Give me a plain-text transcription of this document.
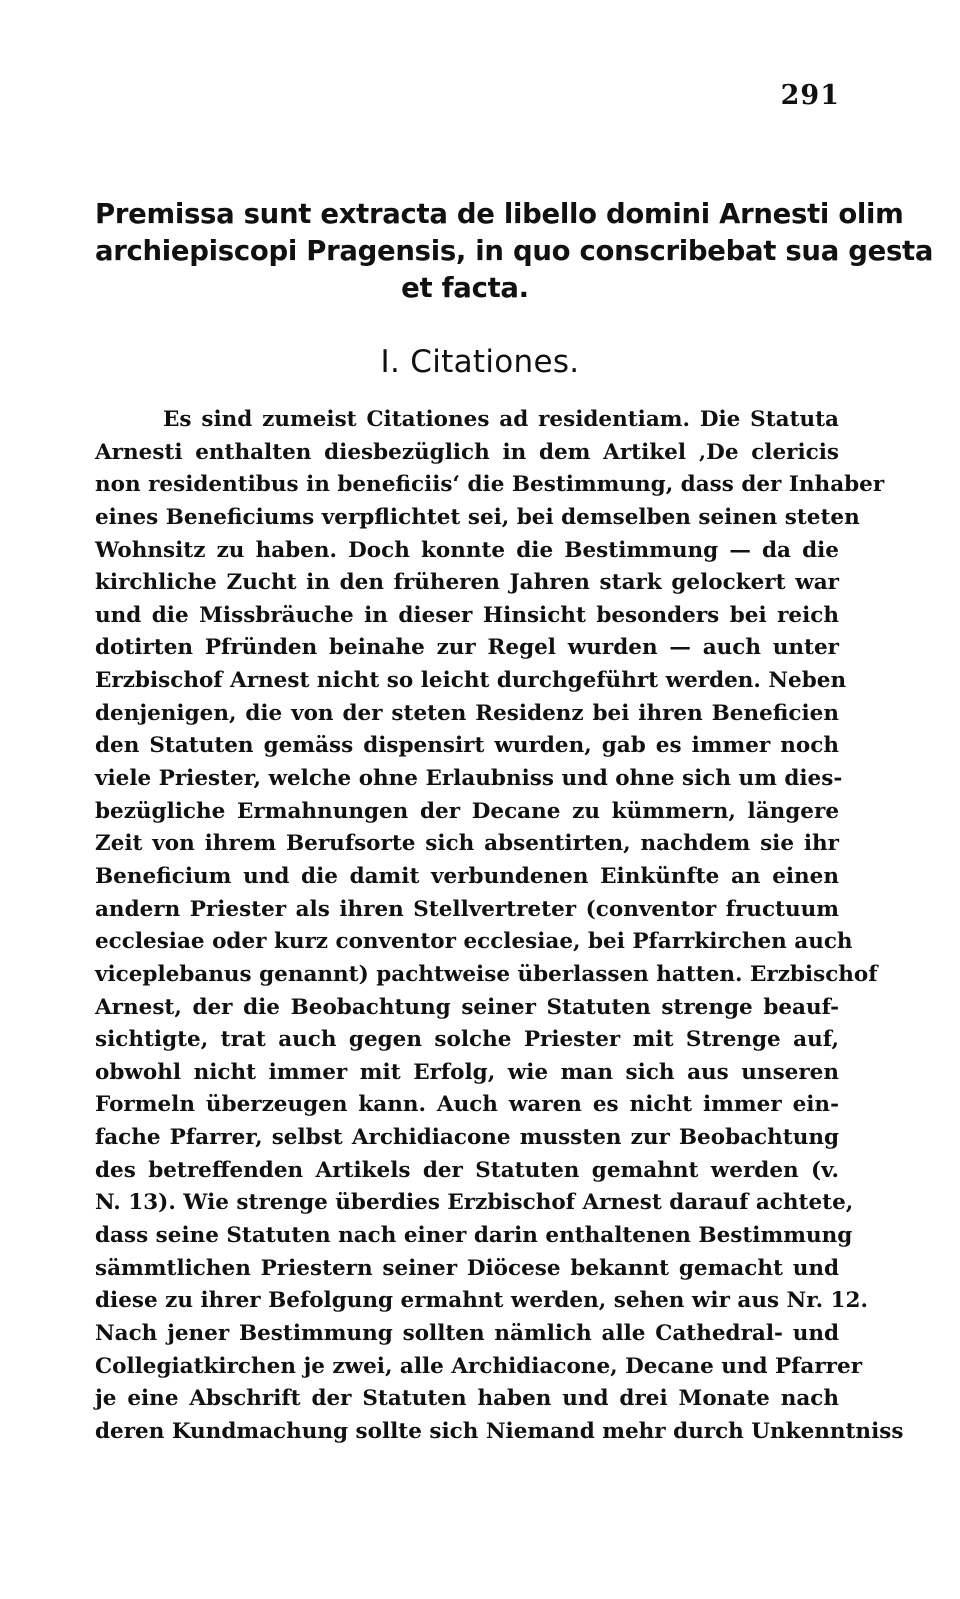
291
Premissa sunt extracta de libello domini Arnesti olim
archiepiscopi Pragensis, in quo conscribebat sua gesta
et facta.
I. Citationes.
Es sind zumeist Citationes ad residentiam. Die Statuta
Arnesti enthalten diesbezüglich in dem Artikel ‚De clericis
non residentibus in beneficiis‘ die Bestimmung, dass der Inhaber
eines Beneficiums verpflichtet sei, bei demselben seinen steten
Wohnsitz zu haben. Doch konnte die Bestimmung — da die
kirchliche Zucht in den früheren Jahren stark gelockert war
und die Missbräuche in dieser Hinsicht besonders bei reich
dotirten Pfründen beinahe zur Regel wurden — auch unter
Erzbischof Arnest nicht so leicht durchgeführt werden. Neben
denjenigen, die von der steten Residenz bei ihren Beneficien
den Statuten gemäss dispensirt wurden, gab es immer noch
viele Priester, welche ohne Erlaubniss und ohne sich um dies-
bezügliche Ermahnungen der Decane zu kümmern, längere
Zeit von ihrem Berufsorte sich absentirten, nachdem sie ihr
Beneficium und die damit verbundenen Einkünfte an einen
andern Priester als ihren Stellvertreter (conventor fructuum
ecclesiae oder kurz conventor ecclesiae, bei Pfarrkirchen auch
viceplebanus genannt) pachtweise überlassen hatten. Erzbischof
Arnest, der die Beobachtung seiner Statuten strenge beauf-
sichtigte, trat auch gegen solche Priester mit Strenge auf,
obwohl nicht immer mit Erfolg, wie man sich aus unseren
Formeln überzeugen kann. Auch waren es nicht immer ein-
fache Pfarrer, selbst Archidiacone mussten zur Beobachtung
des betreffenden Artikels der Statuten gemahnt werden (v.
N. 13). Wie strenge überdies Erzbischof Arnest darauf achtete,
dass seine Statuten nach einer darin enthaltenen Bestimmung
sämmtlichen Priestern seiner Diöcese bekannt gemacht und
diese zu ihrer Befolgung ermahnt werden, sehen wir aus Nr. 12.
Nach jener Bestimmung sollten nämlich alle Cathedral- und
Collegiatkirchen je zwei, alle Archidiacone, Decane und Pfarrer
je eine Abschrift der Statuten haben und drei Monate nach
deren Kundmachung sollte sich Niemand mehr durch Unkenntniss
